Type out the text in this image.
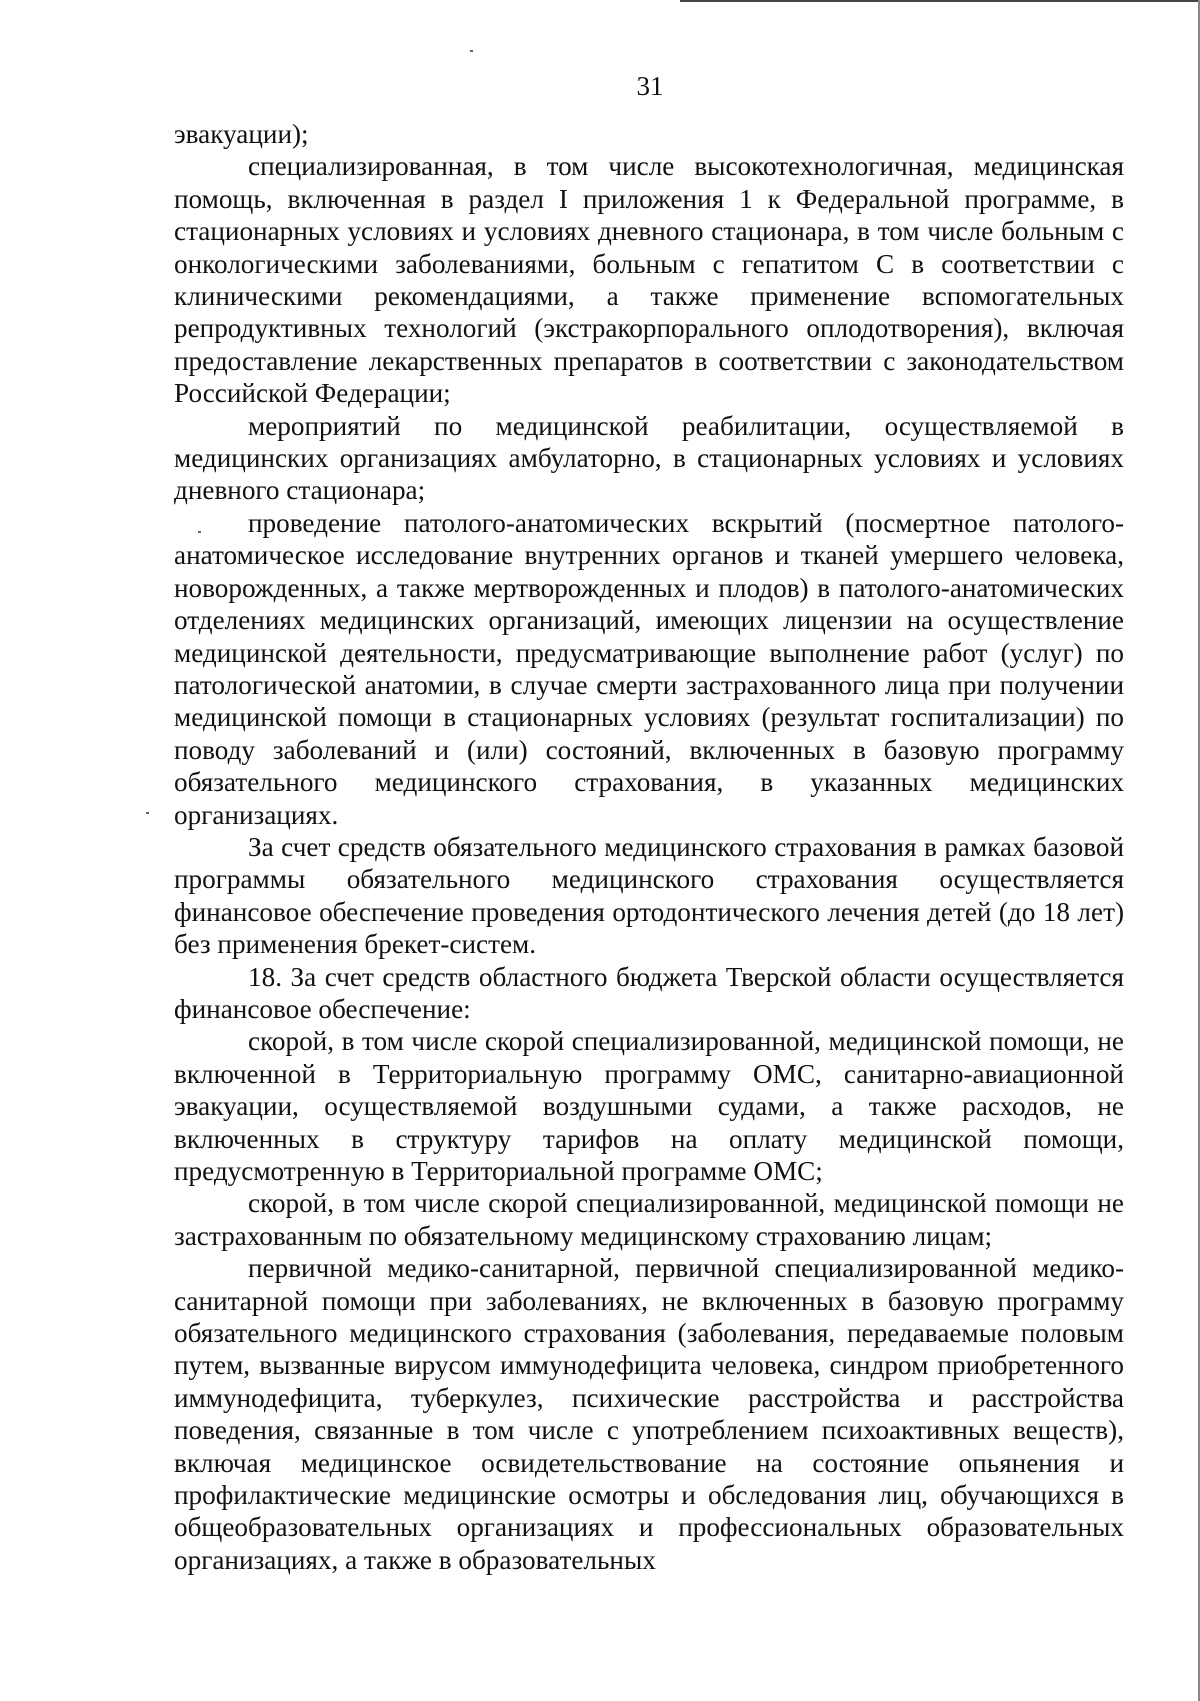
31

эвакуации);

специализированная, в том числе высокотехнологичная, медицинская помощь, включенная в раздел I приложения 1 к Федеральной программе, в стационарных условиях и условиях дневного стационара, в том числе больным с онкологическими заболеваниями, больным с гепатитом С в соответствии с клиническими рекомендациями, а также применение вспомогательных репродуктивных технологий (экстракорпорального оплодотворения), включая предоставление лекарственных препаратов в соответствии с законодательством Российской Федерации;

мероприятий по медицинской реабилитации, осуществляемой в медицинских организациях амбулаторно, в стационарных условиях и условиях дневного стационара;

проведение патолого-анатомических вскрытий (посмертное патолого-анатомическое исследование внутренних органов и тканей умершего человека, новорожденных, а также мертворожденных и плодов) в патолого-анатомических отделениях медицинских организаций, имеющих лицензии на осуществление медицинской деятельности, предусматривающие выполнение работ (услуг) по патологической анатомии, в случае смерти застрахованного лица при получении медицинской помощи в стационарных условиях (результат госпитализации) по поводу заболеваний и (или) состояний, включенных в базовую программу обязательного медицинского страхования, в указанных медицинских организациях.

За счет средств обязательного медицинского страхования в рамках базовой программы обязательного медицинского страхования осуществляется финансовое обеспечение проведения ортодонтического лечения детей (до 18 лет) без применения брекет-систем.

18. За счет средств областного бюджета Тверской области осуществляется финансовое обеспечение:

скорой, в том числе скорой специализированной, медицинской помощи, не включенной в Территориальную программу ОМС, санитарно-авиационной эвакуации, осуществляемой воздушными судами, а также расходов, не включенных в структуру тарифов на оплату медицинской помощи, предусмотренную в Территориальной программе ОМС;

скорой, в том числе скорой специализированной, медицинской помощи не застрахованным по обязательному медицинскому страхованию лицам;

первичной медико-санитарной, первичной специализированной медико-санитарной помощи при заболеваниях, не включенных в базовую программу обязательного медицинского страхования (заболевания, передаваемые половым путем, вызванные вирусом иммунодефицита человека, синдром приобретенного иммунодефицита, туберкулез, психические расстройства и расстройства поведения, связанные в том числе с употреблением психоактивных веществ), включая медицинское освидетельствование на состояние опьянения и профилактические медицинские осмотры и обследования лиц, обучающихся в общеобразовательных организациях и профессиональных образовательных организациях, а также в образовательных
